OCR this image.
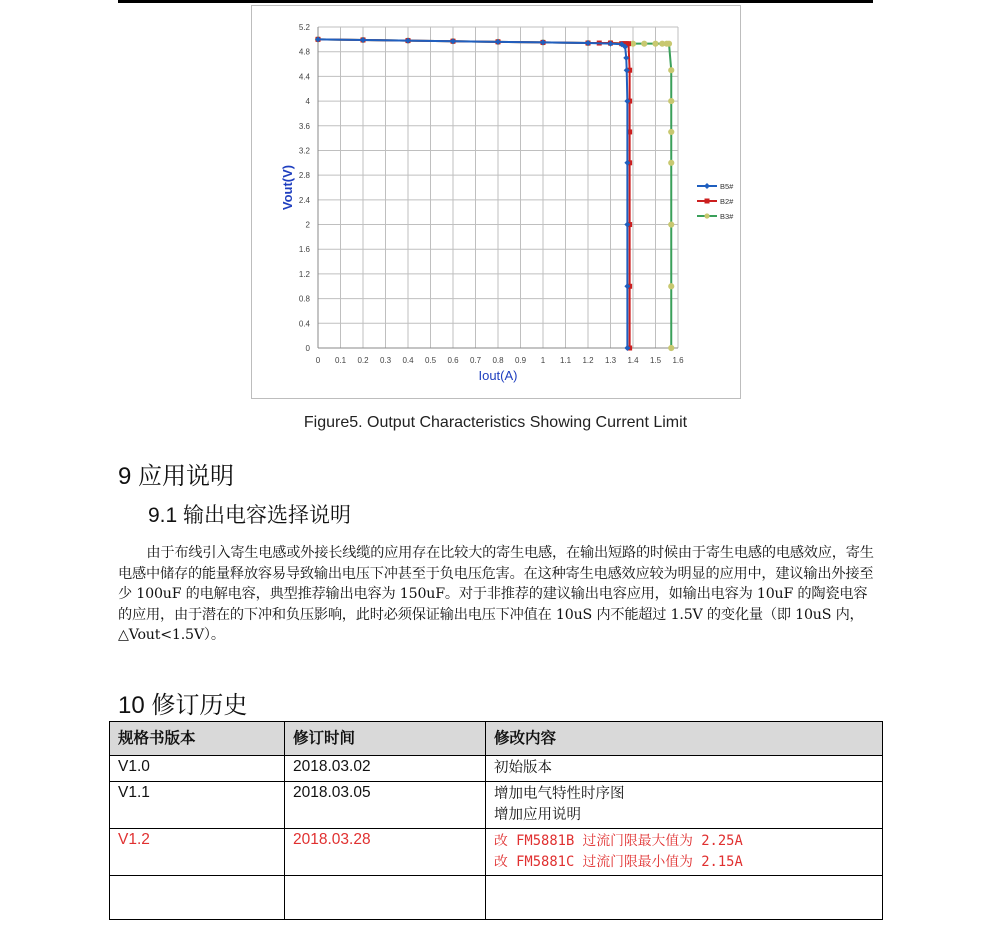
0 0.1 0.2 0.3 0.4 0.5 0.6 0.7 0.8 0.9 1 1.1 1.2 1.3 1.4 1.5 1.6
0
0.4
0.8
1.2
1.6
2
2.4
2.8
3.2
3.6
4
4.4
4.8
5.2
Iout(A)
Vout(V)	B5#
B2#
B3#
Figure5. Output Characteristics Showing Current Limit
9 应用说明
9.1 输出电容选择说明
由于布线引入寄生电感或外接长线缆的应用存在比较大的寄生电感，在输出短路的时候由于寄生电感的电感效应，寄生电感中储存的能量释放容易导致输出电压下冲甚至于负电压危害。在这种寄生电感效应较为明显的应用中，建议输出外接至少 100uF 的电解电容，典型推荐输出电容为 150uF。对于非推荐的建议输出电容应用，如输出电容为 10uF 的陶瓷电容的应用，由于潜在的下冲和负压影响，此时必须保证输出电压下冲值在 10uS 内不能超过 1.5V 的变化量（即 10uS 内，△Vout<1.5V）。
10 修订历史
规格书版本	修订时间	修改内容
V1.0	2018.03.02	初始版本

V1.1	2018.03.05	增加电气特性时序图
增加应用说明

V1.2	2018.03.28	改 FM5881B 过流门限最大值为 2.25A
改 FM5881C 过流门限最小值为 2.15A
